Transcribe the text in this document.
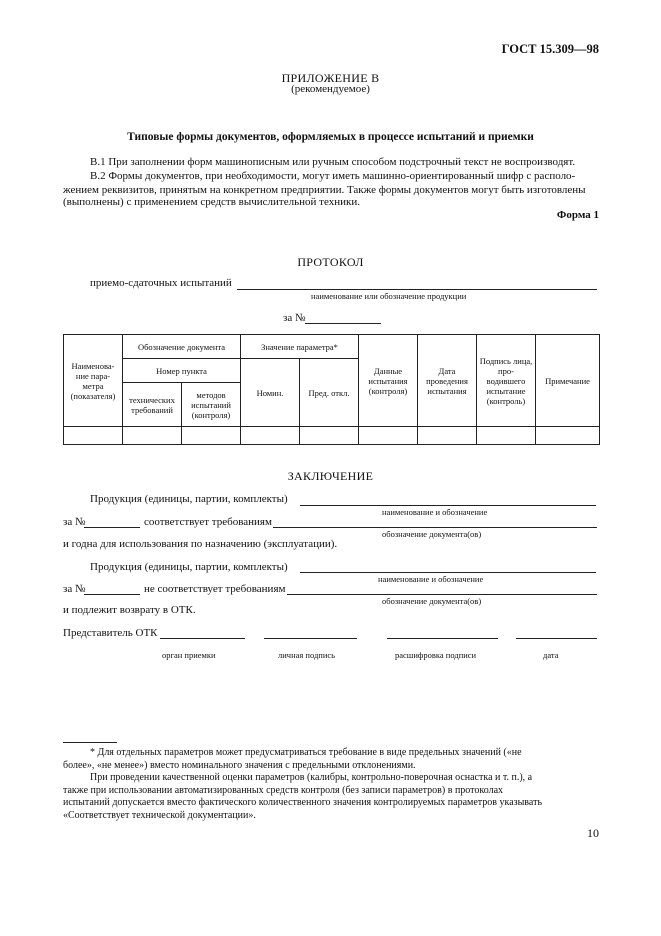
ГОСТ 15.309—98
ПРИЛОЖЕНИЕ В
(рекомендуемое)
Типовые формы документов, оформляемых в процессе испытаний и приемки
В.1 При заполнении форм машинописным или ручным способом подстрочный текст не воспроизводят.
В.2 Формы документов, при необходимости, могут иметь машинно-ориентированный шифр с располо-
жением реквизитов, принятым на конкретном предприятии. Также формы документов могут быть изготовлены
(выполнены) с применением средств вычислительной техники.
Форма 1
ПРОТОКОЛ
приемо-сдаточных испытаний
наименование или обозначение продукции
за №
Наименова-ние пара-метра (показателя)	Обозначение документа		Значение параметра*		Данные испытания (контроля)	Дата проведения испытания	Подпись лица, про-водившего испытание (контроль)	Примечание
	Номер пункта		Номин.	Пред. откл.				
	технических требований	методов испытаний (контроля)						

ЗАКЛЮЧЕНИЕ
Продукция (единицы, партии, комплекты)
наименование и обозначение
за №	соответствует требованиям
обозначение документа(ов)
и годна для использования по назначению (эксплуатации).
Продукция (единицы, партии, комплекты)
наименование и обозначение
за №	не соответствует требованиям
обозначение документа(ов)
и подлежит возврату в ОТК.
Представитель ОТК
орган приемки	личная подпись	расшифровка подписи	дата
* Для отдельных параметров может предусматриваться требование в виде предельных значений («не
более», «не менее») вместо номинального значения с предельными отклонениями.
При проведении качественной оценки параметров (калибры, контрольно-поверочная оснастка и т. п.), а
также при использовании автоматизированных средств контроля (без записи параметров) в протоколах
испытаний допускается вместо фактического количественного значения контролируемых параметров указывать
«Соответствует технической документации».
10
